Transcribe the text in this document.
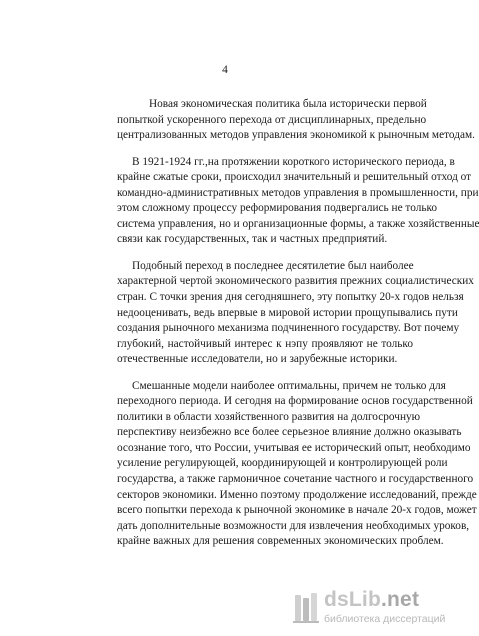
4
Новая экономическая политика была исторически первой
попыткой ускоренного перехода от дисциплинарных, предельно
централизованных методов управления экономикой к рыночным методам.
В 1921-1924 гг.,на протяжении короткого исторического периода, в
крайне сжатые сроки, происходил значительный и решительный отход от
командно-административных методов управления в промышленности, при
этом сложному процессу реформирования подвергались не только
система управления, но и организационные формы, а также хозяйственные
связи как государственных, так и частных предприятий.
Подобный переход в последнее десятилетие был наиболее
характерной чертой экономического развития прежних социалистических
стран. С точки зрения дня сегодняшнего, эту попытку 20-х годов нельзя
недооценивать, ведь впервые в мировой истории прощупывались пути
создания рыночного механизма подчиненного государству. Вот почему
глубокий, настойчивый интерес к нэпу проявляют не только
отечественные исследователи, но и зарубежные историки.
Смешанные модели наиболее оптимальны, причем не только для
переходного периода. И сегодня на формирование основ государственной
политики в области хозяйственного развития на долгосрочную
перспективу неизбежно все более серьезное влияние должно оказывать
осознание того, что России, учитывая ее исторический опыт, необходимо
усиление регулирующей, координирующей и контролирующей роли
государства, а также гармоничное сочетание частного и государственного
секторов экономики. Именно поэтому продолжение исследований, прежде
всего попытки перехода к рыночной экономике в начале 20-х годов, может
дать дополнительные возможности для извлечения необходимых уроков,
крайне важных для решения современных экономических проблем.
dsLib.net
библиотека диссертаций
